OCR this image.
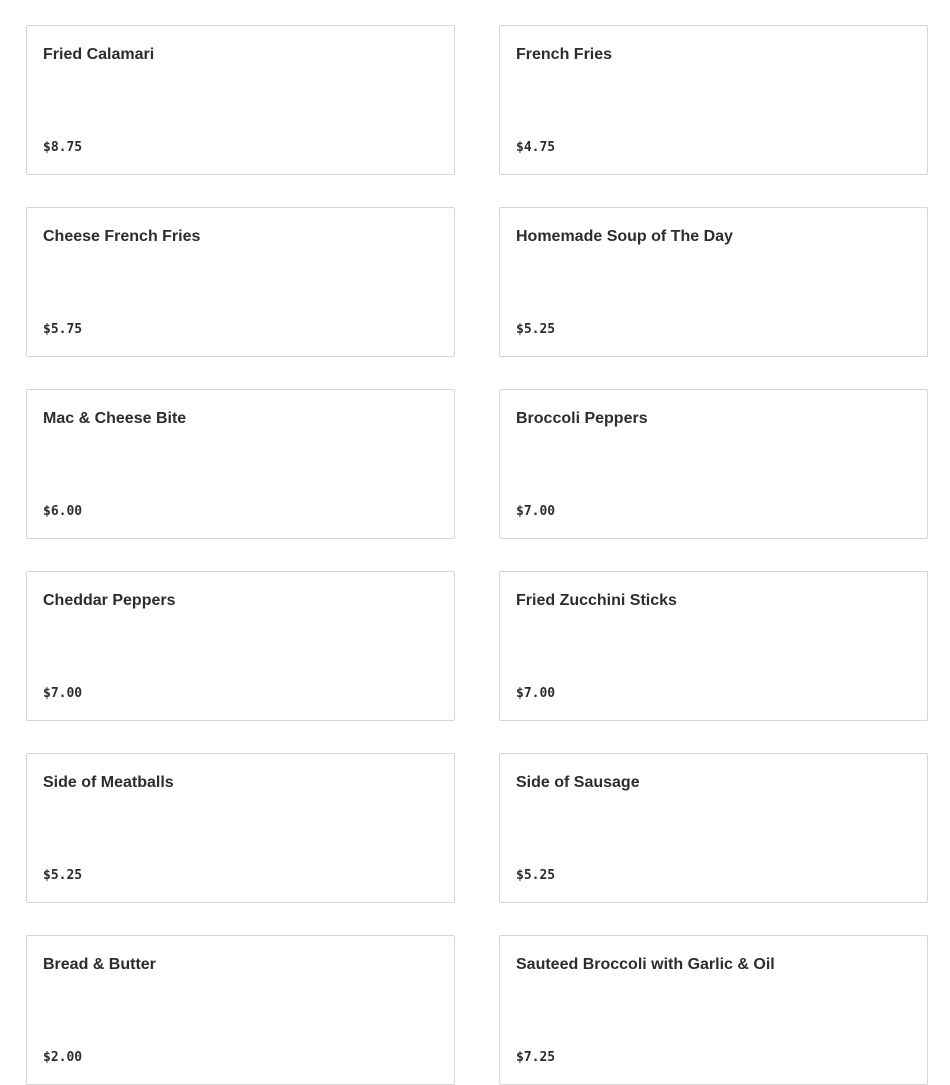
Fried Calamari
$8.75
French Fries
$4.75
Cheese French Fries
$5.75
Homemade Soup of The Day
$5.25
Mac & Cheese Bite
$6.00
Broccoli Peppers
$7.00
Cheddar Peppers
$7.00
Fried Zucchini Sticks
$7.00
Side of Meatballs
$5.25
Side of Sausage
$5.25
Bread & Butter
$2.00
Sauteed Broccoli with Garlic & Oil
$7.25
